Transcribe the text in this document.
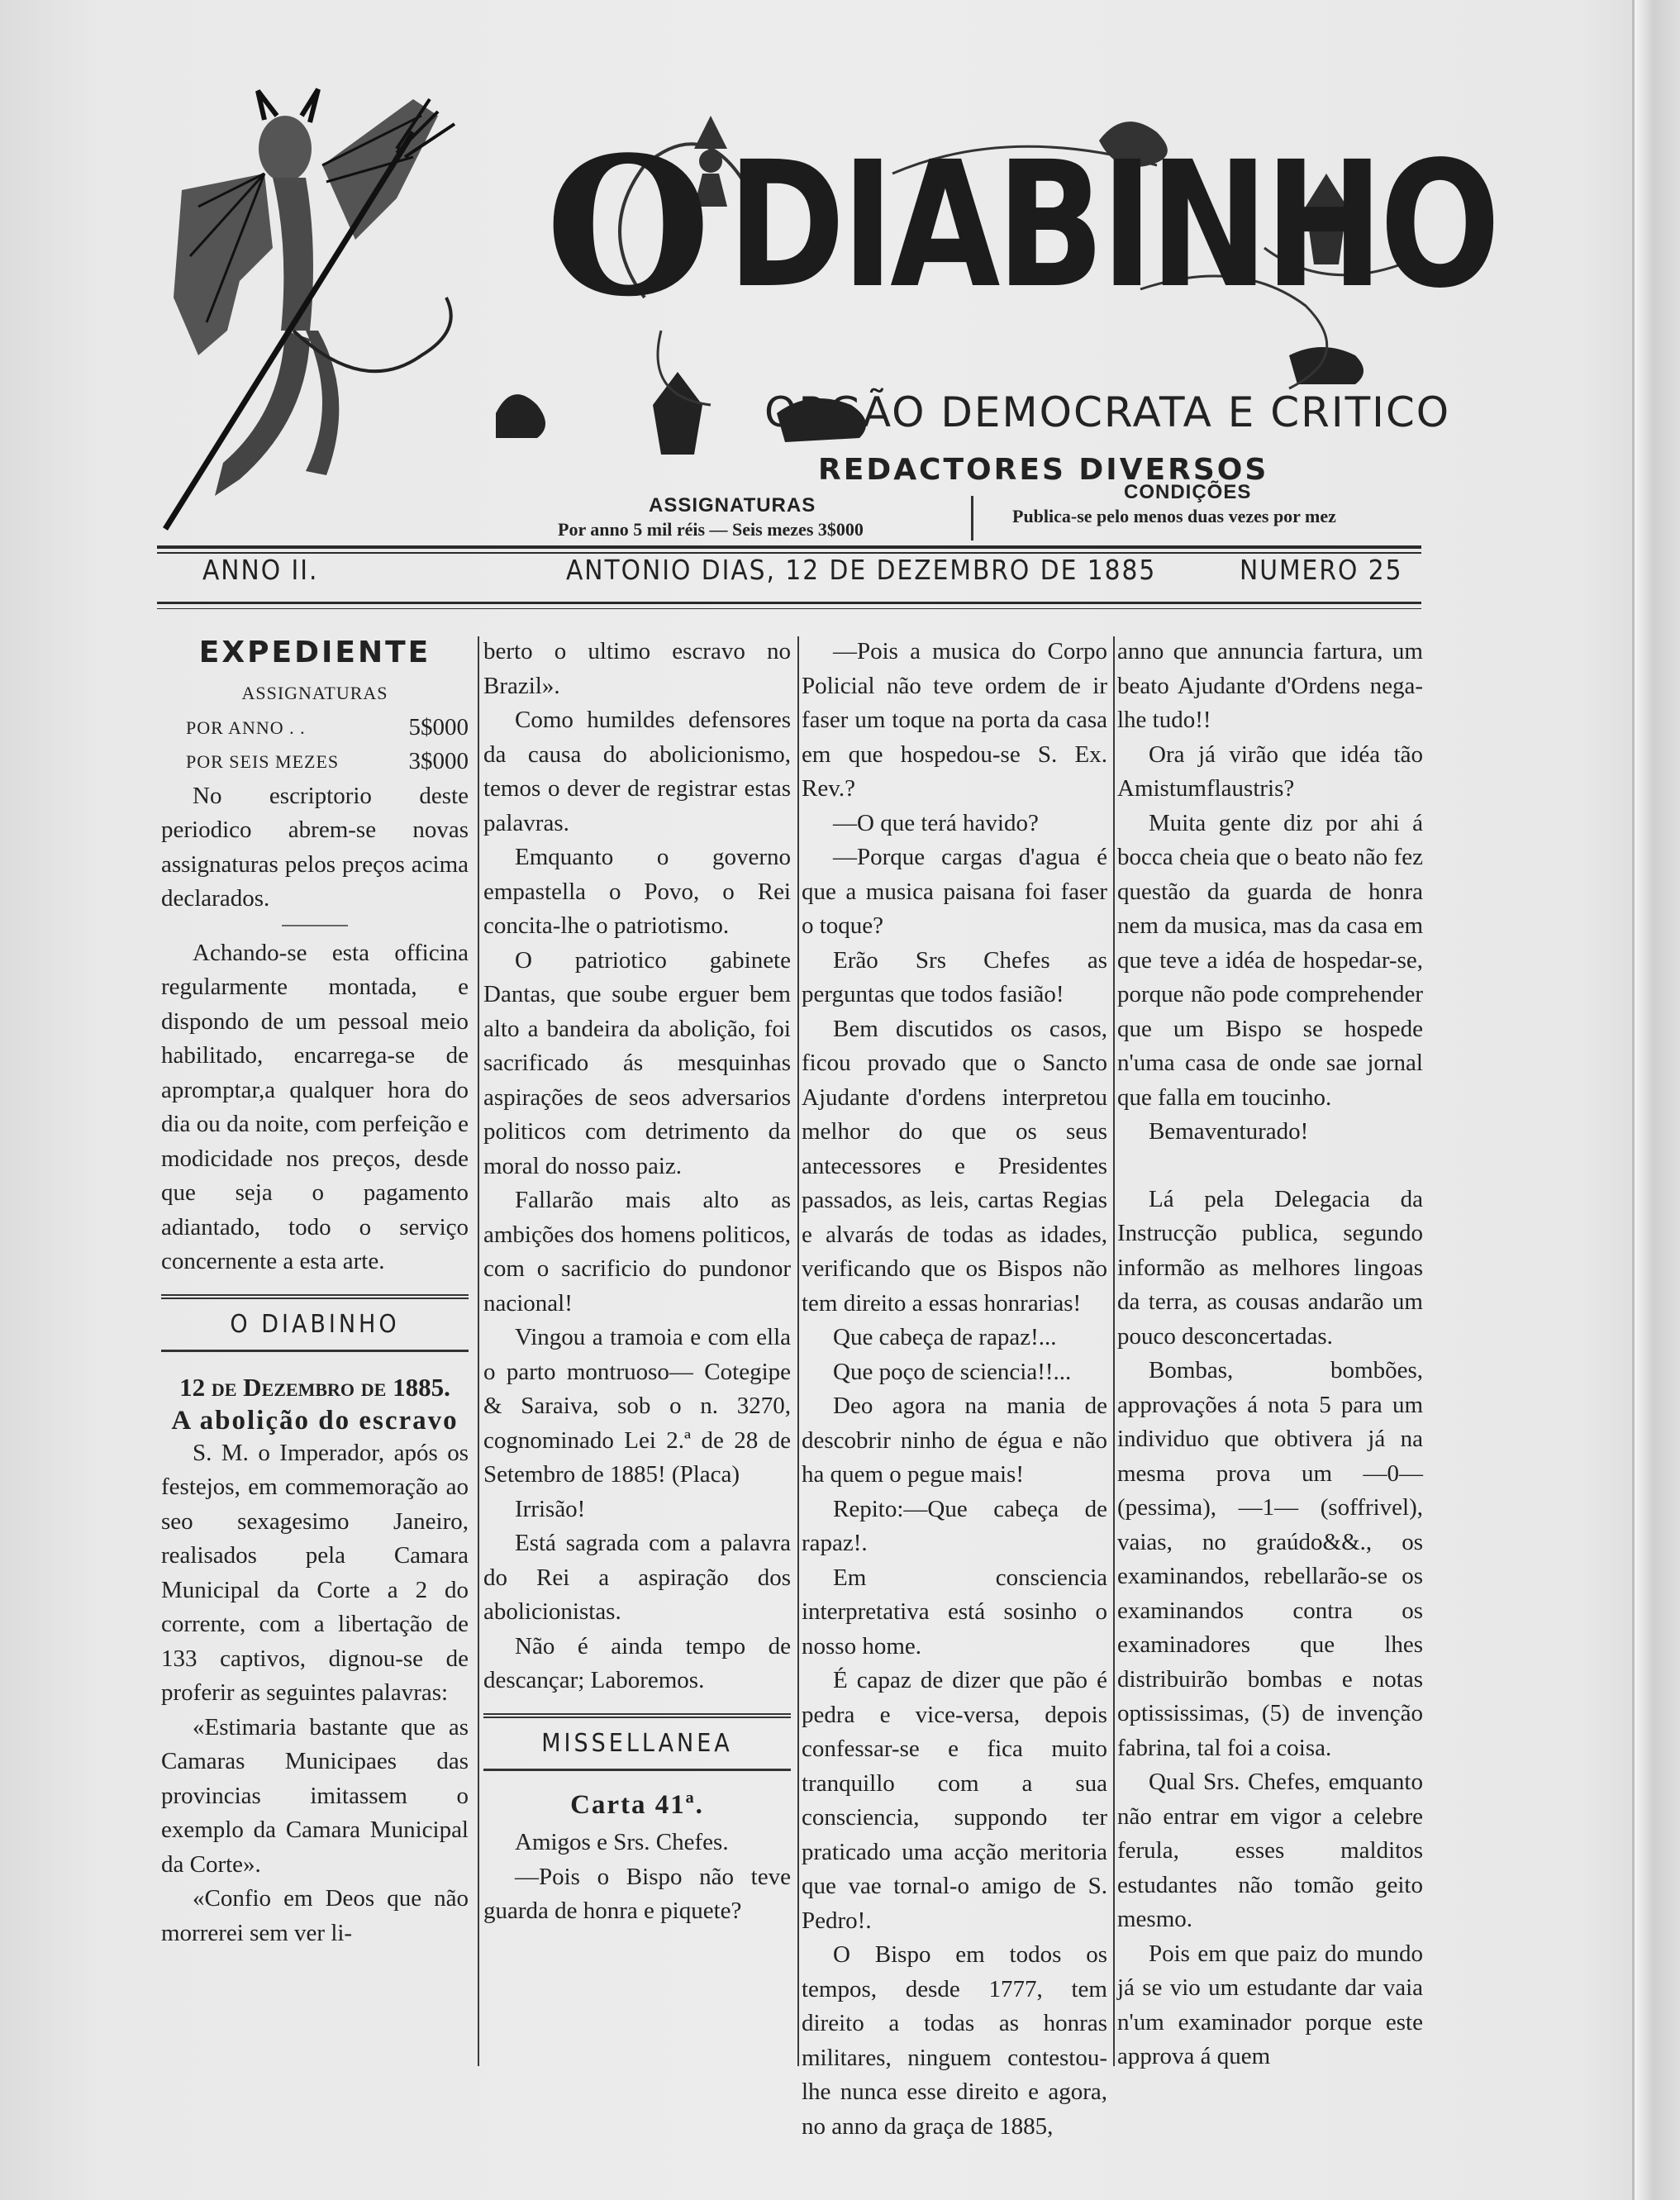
O DIABINHO
ORGÃO DEMOCRATA E CRITICO
REDACTORES DIVERSOS
ASSIGNATURAS
Por anno 5 mil réis — Seis mezes 3$000
CONDIÇÕES
Publica-se pelo menos duas vezes por mez
ANNO II.	ANTONIO DIAS, 12 DE DEZEMBRO DE 1885	NUMERO 25

EXPEDIENTE

ASSIGNATURAS

POR ANNO . .	5$000

POR SEIS MEZES	3$000

No escriptorio deste periodico abrem-se novas assignaturas pelos preços acima declarados.

Achando-se esta officina regularmente montada, e dispondo de um pessoal meio habilitado, encarrega-se de aprompt͏ar,a qualquer hora do dia ou da noite, com perfeição e modicidade nos preços, desde que seja o pagamento adiantado, todo o serviço concernente a esta arte.

O DIABINHO

12 de Dezembro de 1885.

A abolição do escravo

S. M. o Imperador, após os festejos, em commemoração ao seo sexagesimo Janeiro, realisados pela Camara Municipal da Corte a 2 do corrente, com a libertação de 133 captivos, dignou-se de proferir as seguintes palavras:

«Estimaria bastante que as Camaras Municipaes das provincias imitassem o exemplo da Camara Municipal da Corte».

«Confio em Deos que não morrerei sem ver li-

berto o ultimo escravo no Brazil».

Como humildes defensores da causa do abolicionismo, temos o dever de registrar estas palavras.

Emquanto o governo empastella o Povo, o Rei concita-lhe o patriotismo.

O patriotico gabinete Dantas, que soube erguer bem alto a bandeira da abolição, foi sacrificado ás mesquinhas aspirações de seos adversarios politicos com detrimento da moral do nosso paiz.

Fallarão mais alto as ambições dos homens politicos, com o sacrificio do pundonor nacional!

Vingou a tramoia e com ella o parto montruoso— Cotegipe & Saraiva, sob o n. 3270, cognominado Lei 2.ª de 28 de Setembro de 1885! (Placa)

Irrisão!

Está sagrada com a palavra do Rei a aspiração dos abolicionistas.

Não é ainda tempo de descançar; Laboremos.

MISSELLANEA

Carta 41ª.

Amigos e Srs. Chefes.

—Pois o Bispo não teve guarda de honra e piquete?

—Pois a musica do Corpo Policial não teve ordem de ir faser um toque na porta da casa em que hospedou-se S. Ex. Rev.?

—O que terá havido?

—Porque cargas d'agua é que a musica paisana foi faser o toque?

Erão Srs Chefes as perguntas que todos fasião!

Bem discutidos os casos, ficou provado que o Sancto Ajudante d'ordens interpretou melhor do que os seus antecessores e Presidentes passados, as leis, cartas Regias e alvarás de todas as idades, verificando que os Bispos não tem direito a essas honrarias!

Que cabeça de rapaz!...

Que poço de sciencia!!...

Deo agora na mania de descobrir ninho de égua e não ha quem o pegue mais!

Repito:—Que cabeça de rapaz!.

Em consciencia interpretativa está sosinho o nosso home.

É capaz de dizer que pão é pedra e vice-versa, depois confessar-se e fica muito tranquillo com a sua consciencia, suppondo ter praticado uma acção meritoria que vae tornal-o amigo de S. Pedro!.

O Bispo em todos os tempos, desde 1777, tem direito a todas as honras militares, ninguem contestou-lhe nunca esse direito e agora, no anno da graça de 1885,

anno que annuncia fartura, um beato Ajudante d'Ordens nega-lhe tudo!!

Ora já virão que idéa tão Amistumflaustris?

Muita gente diz por ahi á bocca cheia que o beato não fez questão da guarda de honra nem da musica, mas da casa em que teve a idéa de hospedar-se, porque não pode comprehender que um Bispo se hospede n'uma casa de onde sae jornal que falla em toucinho.

Bemaventurado!

Lá pela Delegacia da Instrucção publica, segundo informão as melhores lingoas da terra, as cousas andarão um pouco desconcertadas.

Bombas, bombões, approvações á nota 5 para um individuo que obtivera já na mesma prova um —0— (pessima), —1— (soffrivel), vaias, no graúdo&&., os examinandos, rebellarão-se os examinandos contra os examinadores que lhes distribuirão bombas e notas optississimas, (5) de invenção fabrina, tal foi a coisa.

Qual Srs. Chefes, emquanto não entrar em vigor a celebre ferula, esses malditos estudantes não tomão geito mesmo.

Pois em que paiz do mundo já se vio um estudante dar vaia n'um examinador porque este approva á quem
